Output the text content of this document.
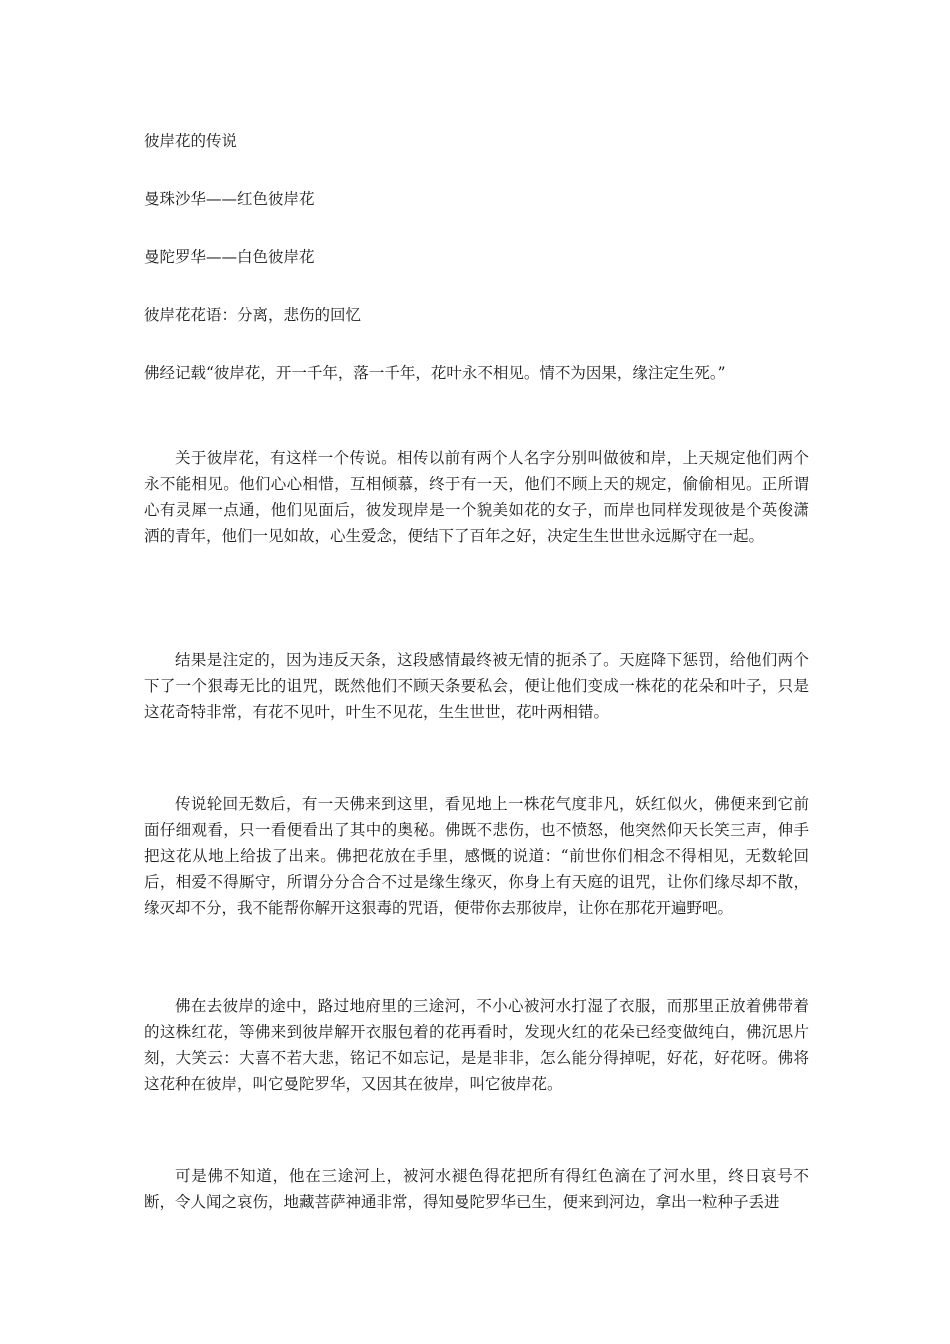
彼岸花的传说
曼珠沙华——红色彼岸花
曼陀罗华——白色彼岸花
彼岸花花语：分离，悲伤的回忆
佛经记载“彼岸花，开一千年，落一千年，花叶永不相见。情不为因果，缘注定生死。”
关于彼岸花，有这样一个传说。相传以前有两个人名字分别叫做彼和岸，上天规定他们两个永不能相见。他们心心相惜，互相倾慕，终于有一天，他们不顾上天的规定，偷偷相见。正所谓心有灵犀一点通，他们见面后，彼发现岸是一个貌美如花的女子，而岸也同样发现彼是个英俊潇洒的青年，他们一见如故，心生爱念，便结下了百年之好，决定生生世世永远厮守在一起。
结果是注定的，因为违反天条，这段感情最终被无情的扼杀了。天庭降下惩罚，给他们两个下了一个狠毒无比的诅咒，既然他们不顾天条要私会，便让他们变成一株花的花朵和叶子，只是这花奇特非常，有花不见叶，叶生不见花，生生世世，花叶两相错。
传说轮回无数后，有一天佛来到这里，看见地上一株花气度非凡，妖红似火，佛便来到它前面仔细观看，只一看便看出了其中的奥秘。佛既不悲伤，也不愤怒，他突然仰天长笑三声，伸手把这花从地上给拔了出来。佛把花放在手里，感慨的说道：“前世你们相念不得相见，无数轮回后，相爱不得厮守，所谓分分合合不过是缘生缘灭，你身上有天庭的诅咒，让你们缘尽却不散，缘灭却不分，我不能帮你解开这狠毒的咒语，便带你去那彼岸，让你在那花开遍野吧。
佛在去彼岸的途中，路过地府里的三途河，不小心被河水打湿了衣服，而那里正放着佛带着的这株红花，等佛来到彼岸解开衣服包着的花再看时，发现火红的花朵已经变做纯白，佛沉思片刻，大笑云：大喜不若大悲，铭记不如忘记，是是非非，怎么能分得掉呢，好花，好花呀。佛将这花种在彼岸，叫它曼陀罗华，又因其在彼岸，叫它彼岸花。
可是佛不知道，他在三途河上，被河水褪色得花把所有得红色滴在了河水里，终日哀号不断，令人闻之哀伤，地藏菩萨神通非常，得知曼陀罗华已生，便来到河边，拿出一粒种子丢进
